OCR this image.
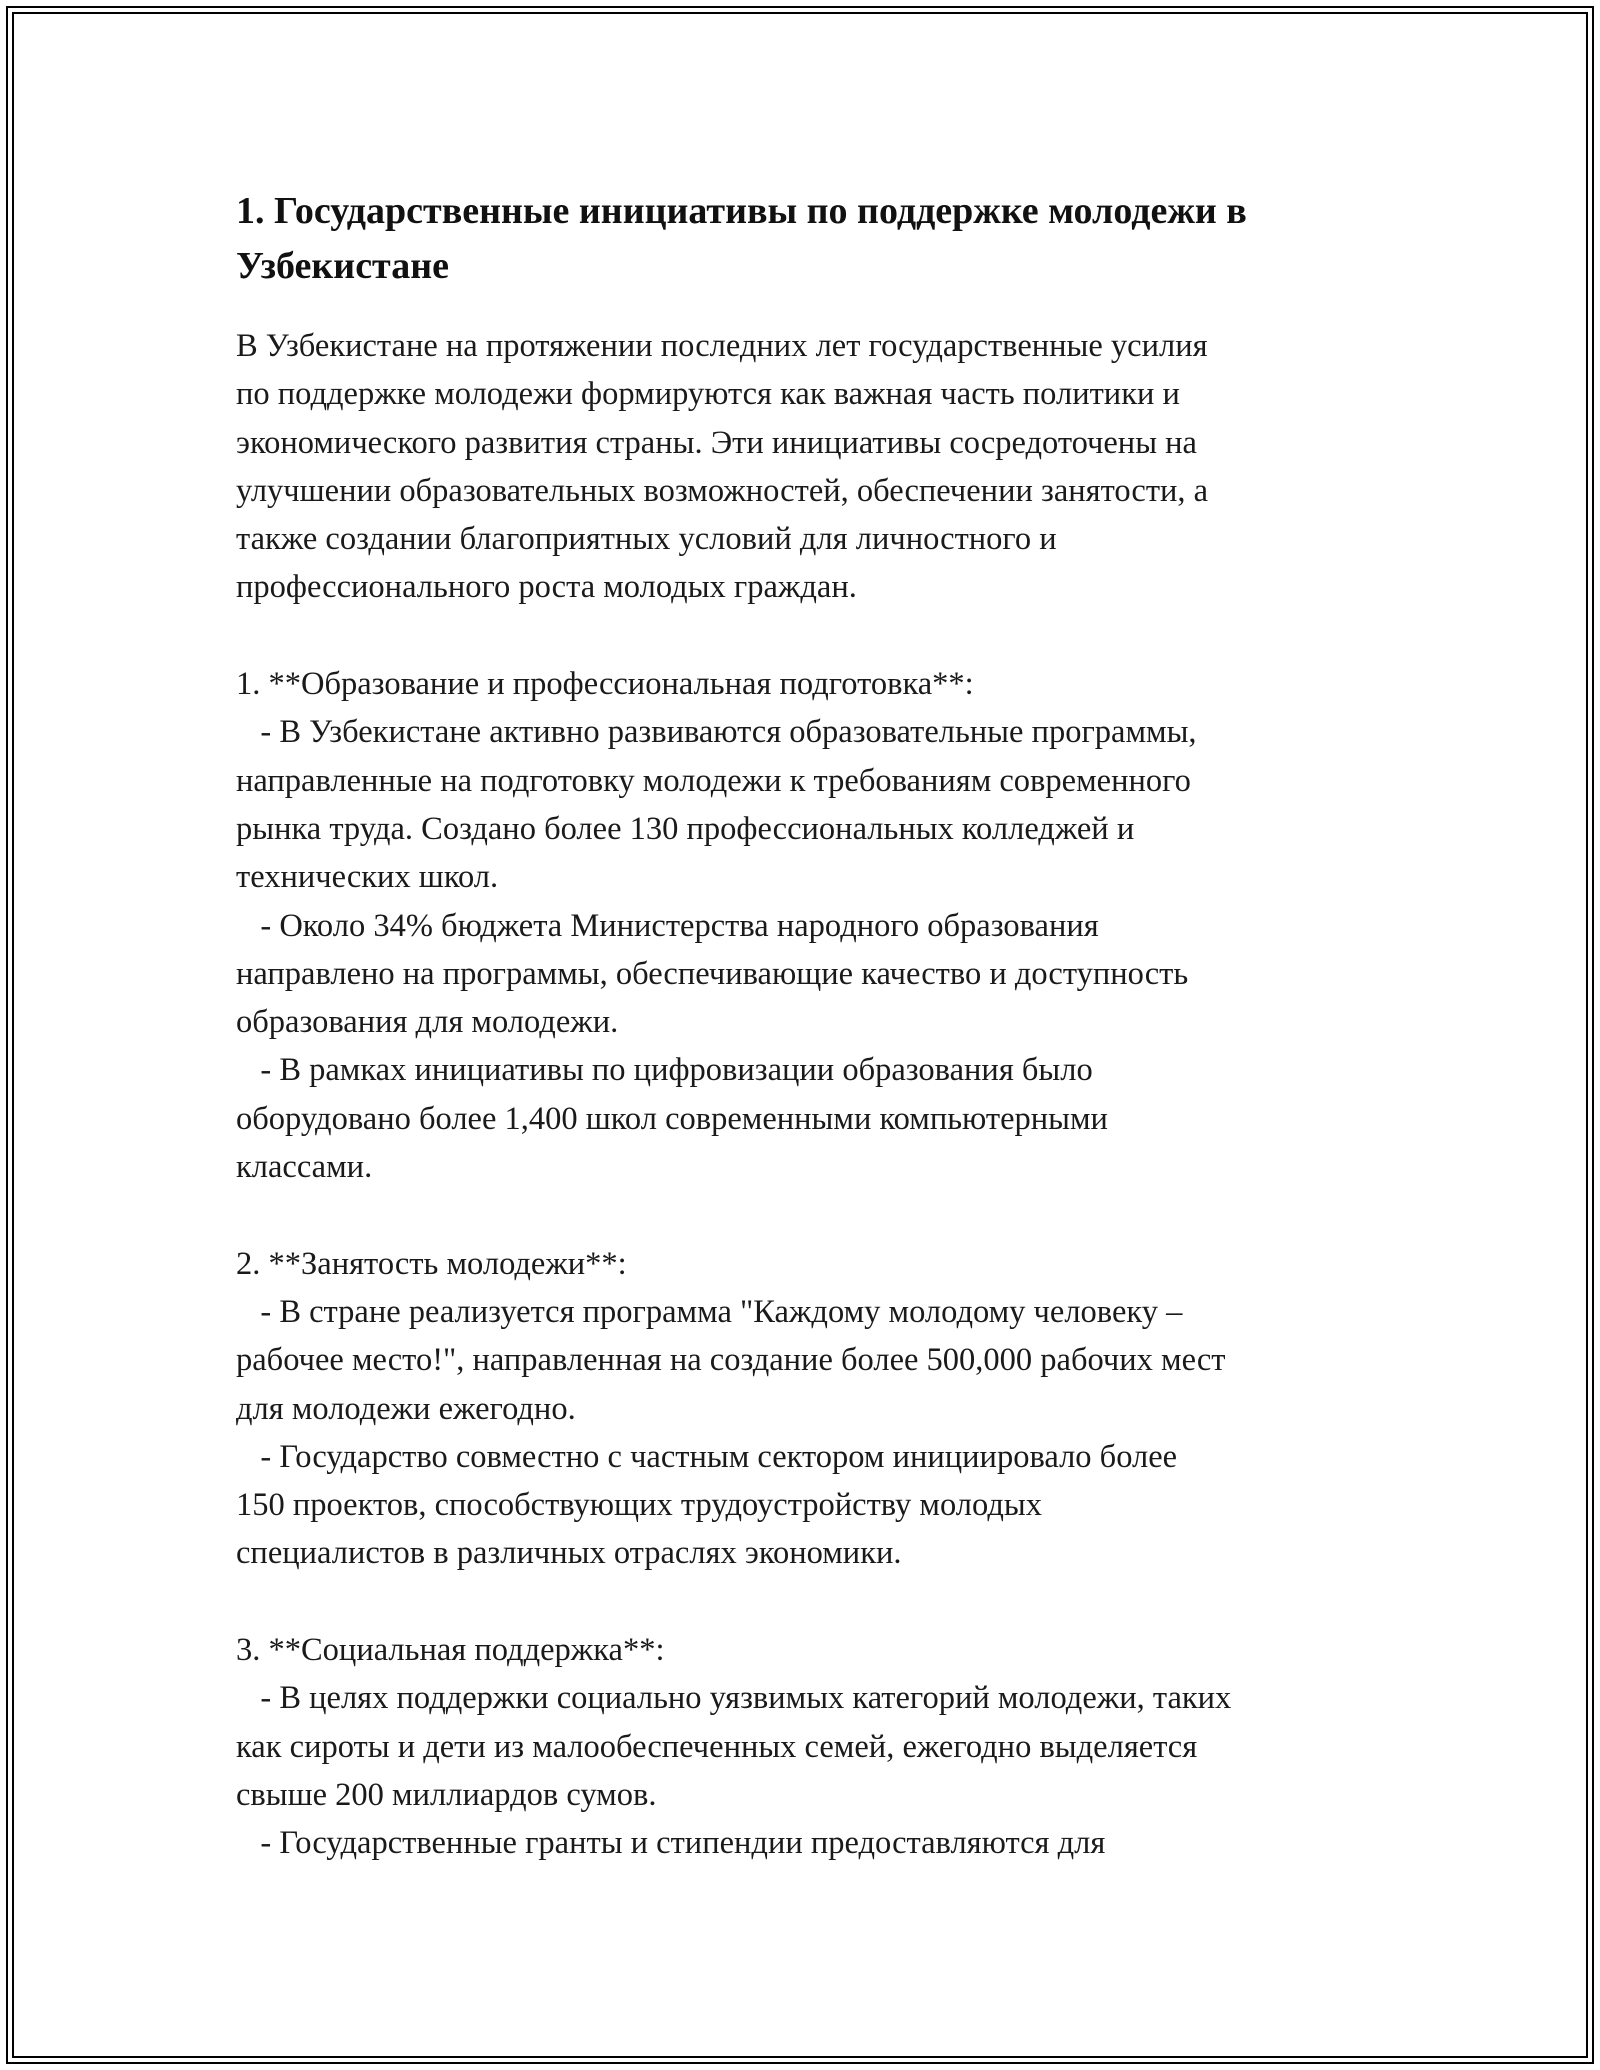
1. Государственные инициативы по поддержке молодежи в Узбекистане

В Узбекистане на протяжении последних лет государственные усилия
по поддержке молодежи формируются как важная часть политики и
экономического развития страны. Эти инициативы сосредоточены на
улучшении образовательных возможностей, обеспечении занятости, а
также создании благоприятных условий для личностного и
профессионального роста молодых граждан.

1. **Образование и профессиональная подготовка**:
- В Узбекистане активно развиваются образовательные программы,
направленные на подготовку молодежи к требованиям современного
рынка труда. Создано более 130 профессиональных колледжей и
технических школ.
- Около 34% бюджета Министерства народного образования
направлено на программы, обеспечивающие качество и доступность
образования для молодежи.
- В рамках инициативы по цифровизации образования было
оборудовано более 1,400 школ современными компьютерными
классами.

2. **Занятость молодежи**:
- В стране реализуется программа "Каждому молодому человеку –
рабочее место!", направленная на создание более 500,000 рабочих мест
для молодежи ежегодно.
- Государство совместно с частным сектором инициировало более
150 проектов, способствующих трудоустройству молодых
специалистов в различных отраслях экономики.

3. **Социальная поддержка**:
- В целях поддержки социально уязвимых категорий молодежи, таких
как сироты и дети из малообеспеченных семей, ежегодно выделяется
свыше 200 миллиардов сумов.
- Государственные гранты и стипендии предоставляются для
